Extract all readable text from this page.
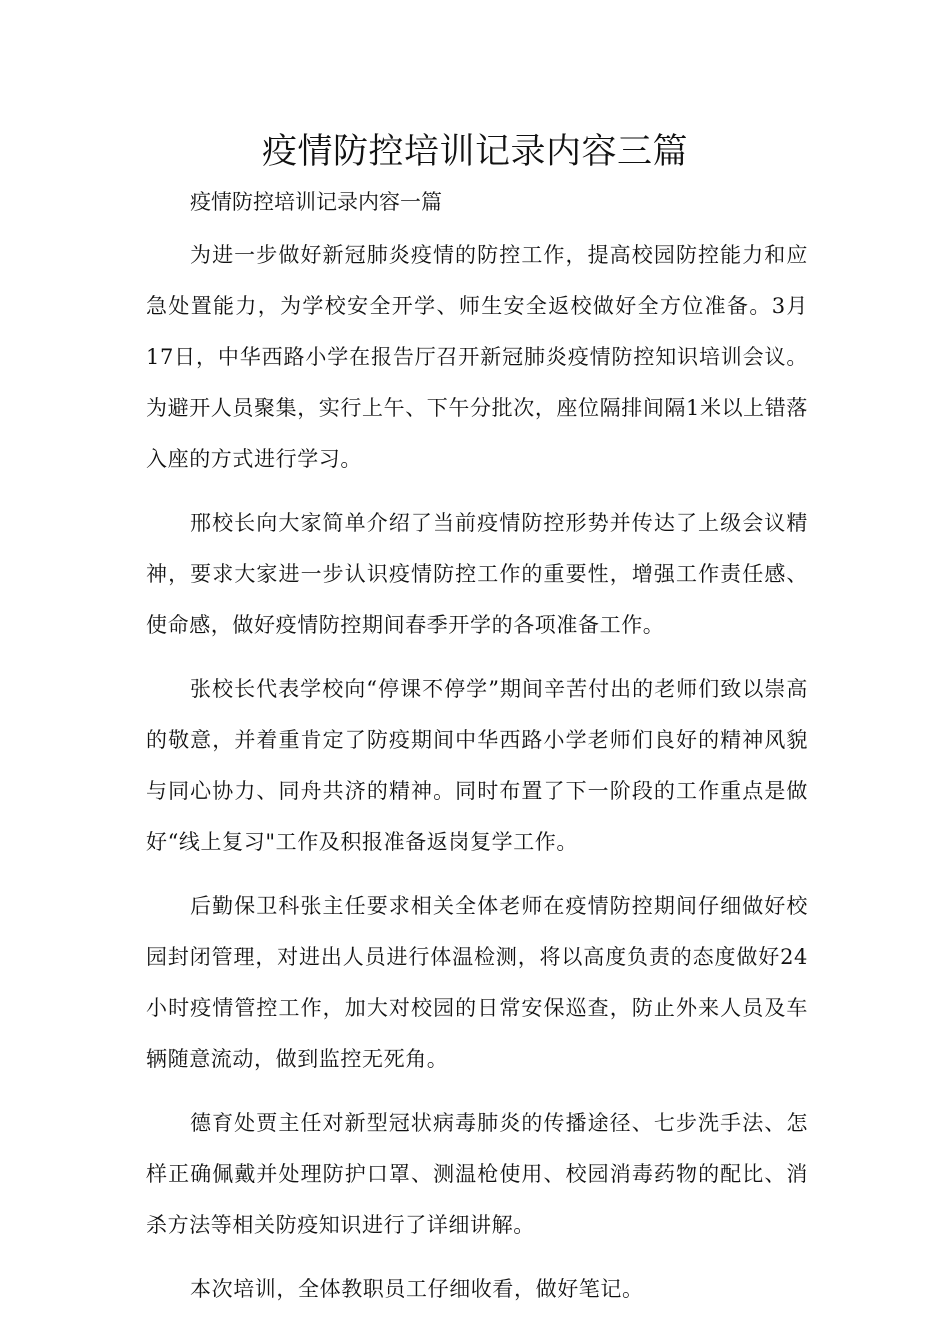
疫情防控培训记录内容三篇

疫情防控培训记录内容一篇

为进一步做好新冠肺炎疫情的防控工作，提高校园防控能力和应急处置能力，为学校安全开学、师生安全返校做好全方位准备。3月17日，中华西路小学在报告厅召开新冠肺炎疫情防控知识培训会议。为避开人员聚集，实行上午、下午分批次，座位隔排间隔1米以上错落入座的方式进行学习。

邢校长向大家简单介绍了当前疫情防控形势并传达了上级会议精神，要求大家进一步认识疫情防控工作的重要性，增强工作责任感、使命感，做好疫情防控期间春季开学的各项准备工作。

张校长代表学校向“停课不停学”期间辛苦付出的老师们致以崇高的敬意，并着重肯定了防疫期间中华西路小学老师们良好的精神风貌与同心协力、同舟共济的精神。同时布置了下一阶段的工作重点是做好“线上复习"工作及积报准备返岗复学工作。

后勤保卫科张主任要求相关全体老师在疫情防控期间仔细做好校园封闭管理，对进出人员进行体温检测，将以高度负责的态度做好24小时疫情管控工作，加大对校园的日常安保巡查，防止外来人员及车辆随意流动，做到监控无死角。

德育处贾主任对新型冠状病毒肺炎的传播途径、七步洗手法、怎样正确佩戴并处理防护口罩、测温枪使用、校园消毒药物的配比、消杀方法等相关防疫知识进行了详细讲解。

本次培训，全体教职员工仔细收看，做好笔记。
